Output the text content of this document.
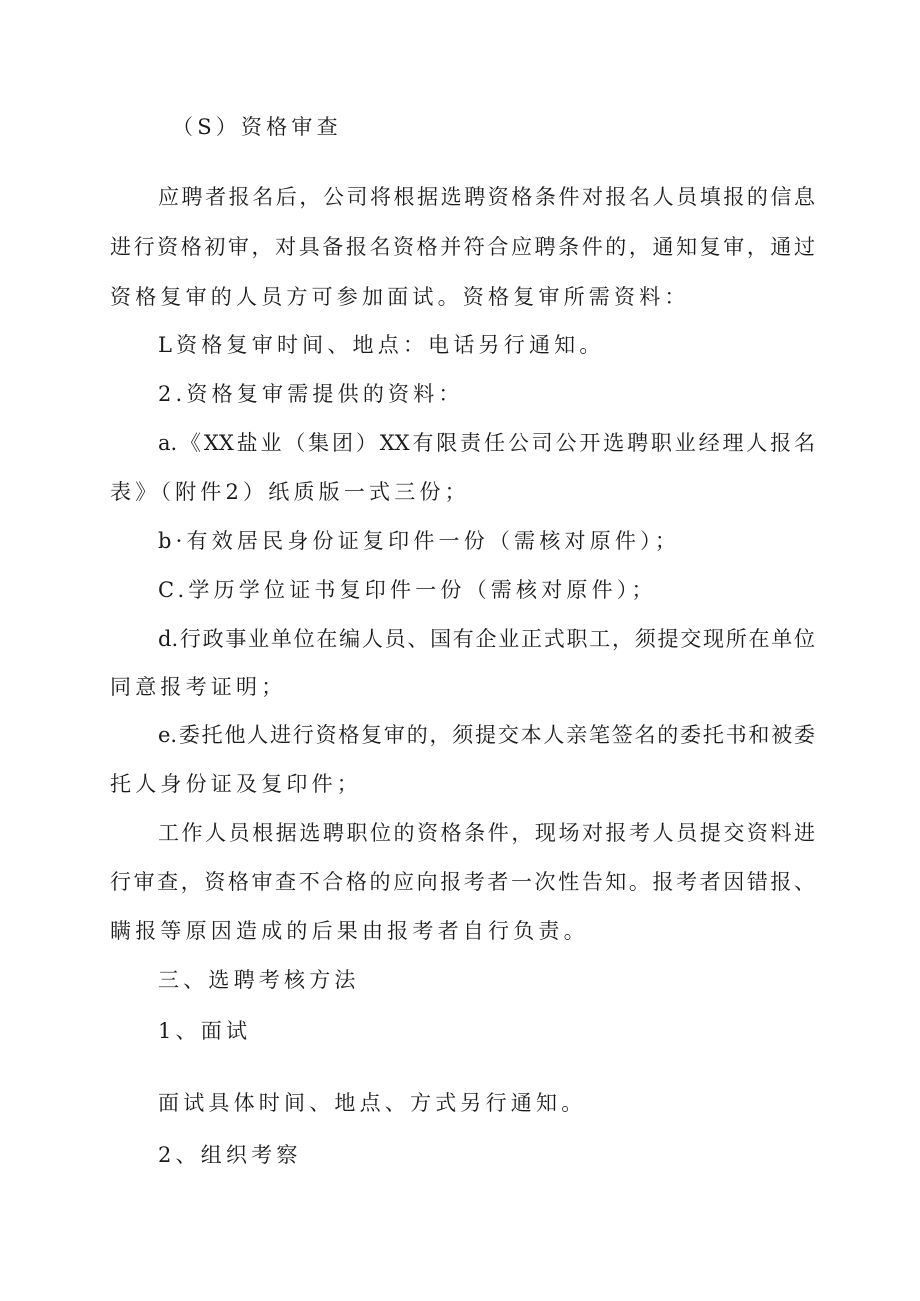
（S）资格审查
应聘者报名后，公司将根据选聘资格条件对报名人员填报的信息
进行资格初审，对具备报名资格并符合应聘条件的，通知复审，通过
资格复审的人员方可参加面试。资格复审所需资料：
L资格复审时间、地点：电话另行通知。
2.资格复审需提供的资料：
a.《XX盐业（集团）XX有限责任公司公开选聘职业经理人报名
表》（附件2）纸质版一式三份；
b·有效居民身份证复印件一份（需核对原件）；
C.学历学位证书复印件一份（需核对原件）；
d.行政事业单位在编人员、国有企业正式职工，须提交现所在单位
同意报考证明；
e.委托他人进行资格复审的，须提交本人亲笔签名的委托书和被委
托人身份证及复印件；
工作人员根据选聘职位的资格条件，现场对报考人员提交资料进
行审查，资格审查不合格的应向报考者一次性告知。报考者因错报、
瞒报等原因造成的后果由报考者自行负责。
三、选聘考核方法
1、面试
面试具体时间、地点、方式另行通知。
2、组织考察
